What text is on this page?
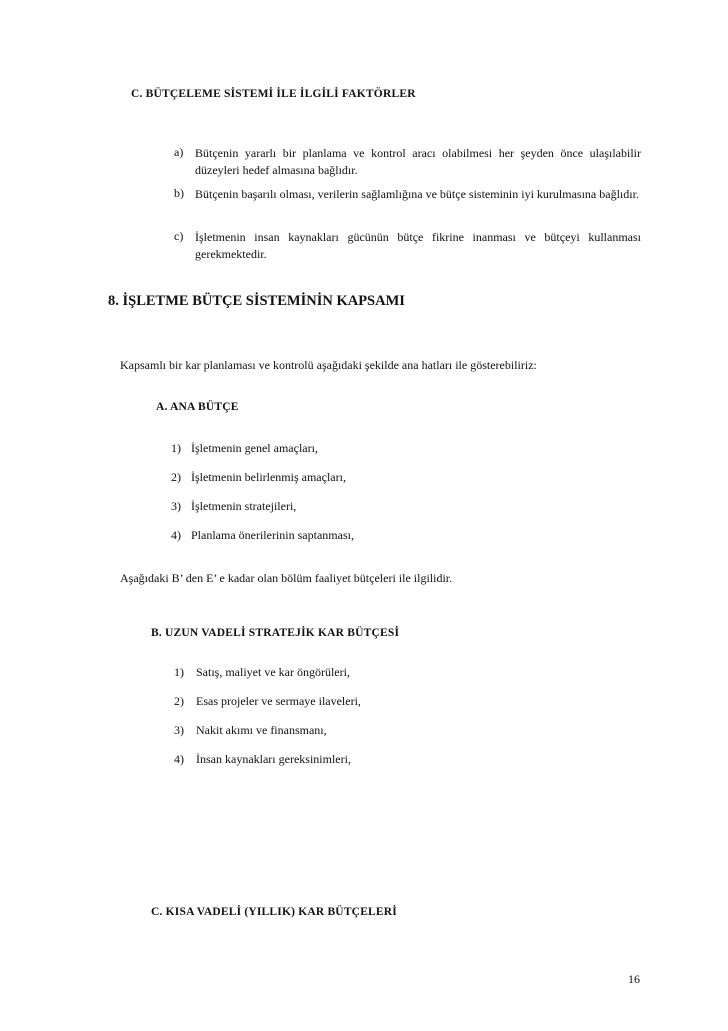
C. BÜTÇELEME SİSTEMİ İLE İLGİLİ FAKTÖRLER
a) Bütçenin yararlı bir planlama ve kontrol aracı olabilmesi her şeyden önce ulaşılabilir düzeyleri hedef almasına bağlıdır.
b) Bütçenin başarılı olması, verilerin sağlamlığına ve bütçe sisteminin iyi kurulmasına bağlıdır.
c) İşletmenin insan kaynakları gücünün bütçe fikrine inanması ve bütçeyi kullanması gerekmektedir.
8. İŞLETME BÜTÇE SİSTEMİNİN KAPSAMI
Kapsamlı bir kar planlaması ve kontrolü aşağıdaki şekilde ana hatları ile gösterebiliriz:
A. ANA BÜTÇE
1) İşletmenin genel amaçları,
2) İşletmenin belirlenmiş amaçları,
3) İşletmenin stratejileri,
4) Planlama önerilerinin saptanması,
Aşağıdaki B’ den E’ e kadar olan bölüm faaliyet bütçeleri ile ilgilidir.
B. UZUN VADELİ STRATEJİK KAR BÜTÇESİ
1) Satış, maliyet ve kar öngörüleri,
2) Esas projeler ve sermaye ilaveleri,
3) Nakit akımı ve finansmanı,
4) İnsan kaynakları gereksinimleri,
C. KISA VADELİ (YILLIK) KAR BÜTÇELERİ
16
